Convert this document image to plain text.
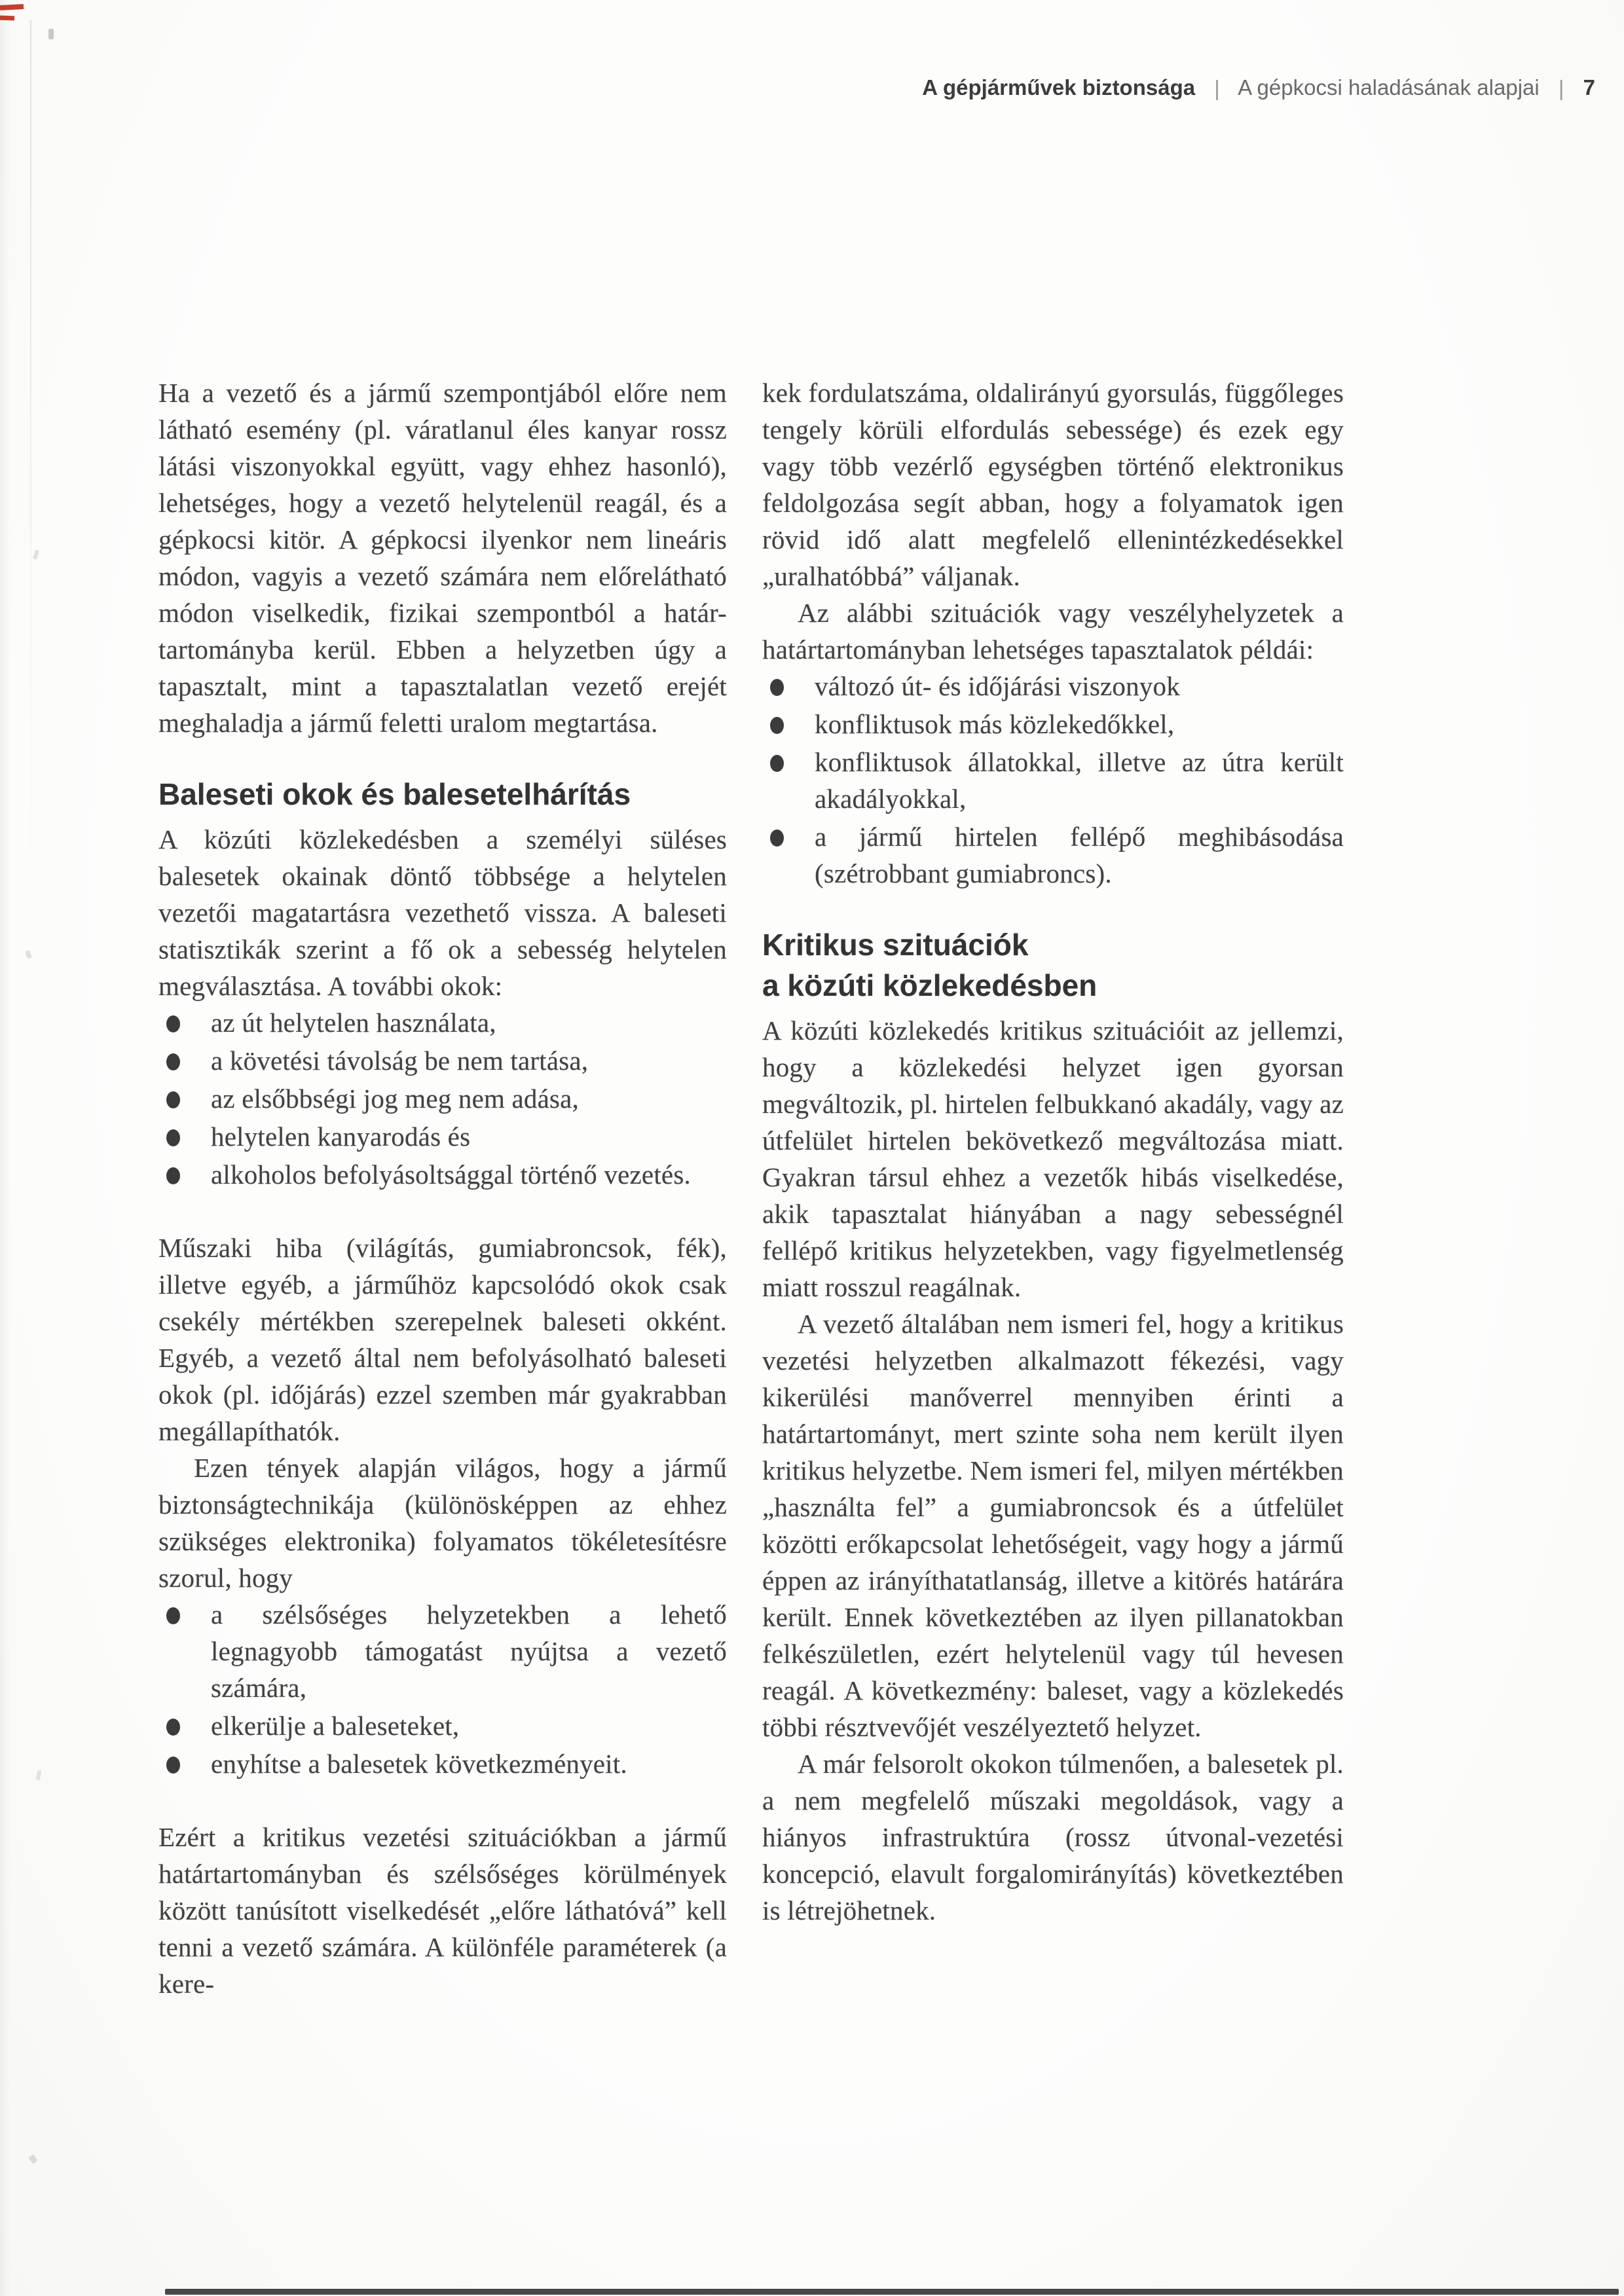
A gépjárművek biztonsága | A gépkocsi haladásának alapjai | 7

Ha a vezető és a jármű szempontjából előre nem látható esemény (pl. váratlanul éles kanyar rossz látási viszonyokkal együtt, vagy ehhez hasonló), lehetséges, hogy a vezető helytelenül reagál, és a gépkocsi kitör. A gépkocsi ilyenkor nem lineáris módon, vagyis a vezető számára nem előrelátható módon viselkedik, fizikai szempontból a határ-tartományba kerül. Ebben a helyzetben úgy a tapasztalt, mint a tapasztalatlan vezető erejét meghaladja a jármű feletti uralom megtartása.

Baleseti okok és balesetelhárítás

A közúti közlekedésben a személyi süléses balesetek okainak döntő többsége a helytelen vezetői magatartásra vezethető vissza. A baleseti statisztikák szerint a fő ok a sebesség helytelen megválasztása. A további okok:

az út helytelen használata,
a követési távolság be nem tartása,
az elsőbbségi jog meg nem adása,
helytelen kanyarodás és
alkoholos befolyásoltsággal történő vezetés.

Műszaki hiba (világítás, gumiabroncsok, fék), illetve egyéb, a járműhöz kapcsolódó okok csak csekély mértékben szerepelnek baleseti okként. Egyéb, a vezető által nem befolyásolható baleseti okok (pl. időjárás) ezzel szemben már gyakrabban megállapíthatók.

Ezen tények alapján világos, hogy a jármű biztonságtechnikája (különösképpen az ehhez szükséges elektronika) folyamatos tökéletesítésre szorul, hogy

a szélsőséges helyzetekben a lehető legnagyobb támogatást nyújtsa a vezető számára,
elkerülje a baleseteket,
enyhítse a balesetek következményeit.

Ezért a kritikus vezetési szituációkban a jármű határtartományban és szélsőséges körülmények között tanúsított viselkedését „előre láthatóvá” kell tenni a vezető számára. A különféle paraméterek (a kere-

kek fordulatszáma, oldalirányú gyorsulás, függőleges tengely körüli elfordulás sebessége) és ezek egy vagy több vezérlő egységben történő elektronikus feldolgozása segít abban, hogy a folyamatok igen rövid idő alatt megfelelő ellenintézkedésekkel „uralhatóbbá” váljanak.

Az alábbi szituációk vagy veszélyhelyzetek a határtartományban lehetséges tapasztalatok példái:

változó út- és időjárási viszonyok
konfliktusok más közlekedőkkel,
konfliktusok állatokkal, illetve az útra került akadályokkal,
a jármű hirtelen fellépő meghibásodása (szétrobbant gumiabroncs).
Kritikus szituációk
a közúti közlekedésben

A közúti közlekedés kritikus szituációit az jellemzi, hogy a közlekedési helyzet igen gyorsan megváltozik, pl. hirtelen felbukkanó akadály, vagy az útfelület hirtelen bekövetkező megváltozása miatt. Gyakran társul ehhez a vezetők hibás viselkedése, akik tapasztalat hiányában a nagy sebességnél fellépő kritikus helyzetekben, vagy figyelmetlenség miatt rosszul reagálnak.

A vezető általában nem ismeri fel, hogy a kritikus vezetési helyzetben alkalmazott fékezési, vagy kikerülési manőverrel mennyiben érinti a határtartományt, mert szinte soha nem került ilyen kritikus helyzetbe. Nem ismeri fel, milyen mértékben „használta fel” a gumiabroncsok és a útfelület közötti erőkapcsolat lehetőségeit, vagy hogy a jármű éppen az irányíthatatlanság, illetve a kitörés határára került. Ennek következtében az ilyen pillanatokban felkészületlen, ezért helytelenül vagy túl hevesen reagál. A következmény: baleset, vagy a közlekedés többi résztvevőjét veszélyeztető helyzet.

A már felsorolt okokon túlmenően, a balesetek pl. a nem megfelelő műszaki megoldások, vagy a hiányos infrastruktúra (rossz útvonal-vezetési koncepció, elavult forgalomirányítás) következtében is létrejöhetnek.
